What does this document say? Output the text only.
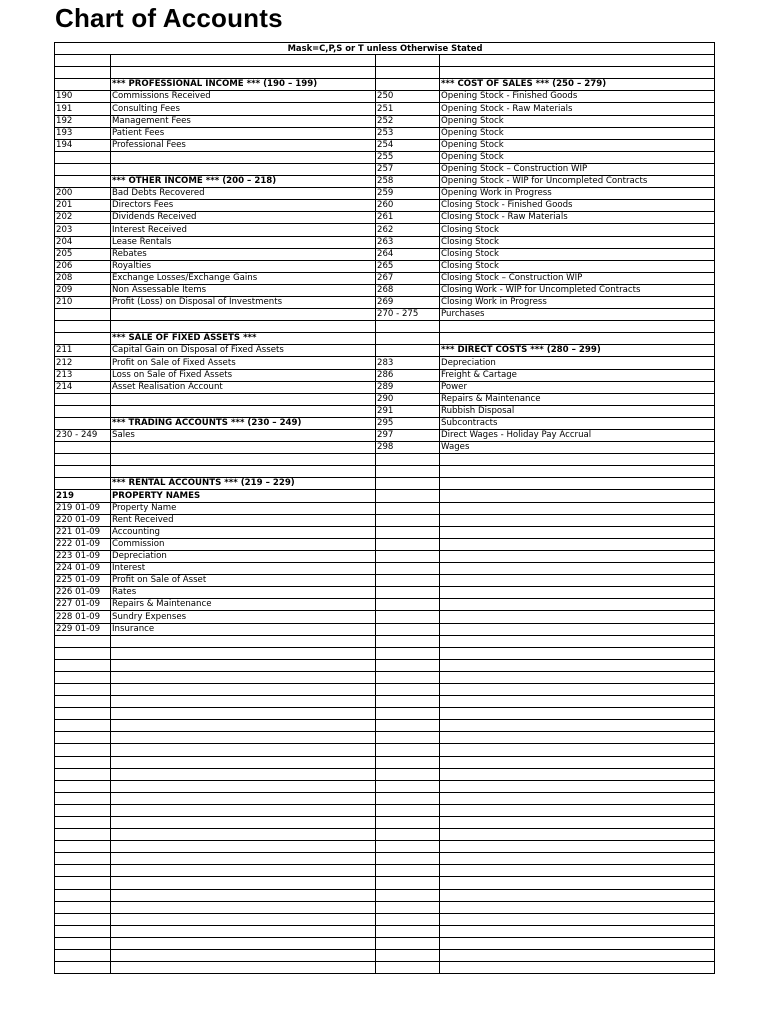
Chart of Accounts
Mask=C,P,S or T unless Otherwise Stated			

	*** PROFESSIONAL INCOME *** (190 – 199)		*** COST OF SALES *** (250 – 279)
190	Commissions Received	250	Opening Stock - Finished Goods
191	Consulting Fees	251	Opening Stock - Raw Materials
192	Management Fees	252	Opening Stock
193	Patient Fees	253	Opening Stock
194	Professional Fees	254	Opening Stock
		255	Opening Stock
		257	Opening Stock – Construction WIP
	*** OTHER INCOME *** (200 – 218)	258	Opening Stock - WIP for Uncompleted Contracts
200	Bad Debts Recovered	259	Opening Work in Progress
201	Directors Fees	260	Closing Stock - Finished Goods
202	Dividends Received	261	Closing Stock - Raw Materials
203	Interest Received	262	Closing Stock
204	Lease Rentals	263	Closing Stock
205	Rebates	264	Closing Stock
206	Royalties	265	Closing Stock
208	Exchange Losses/Exchange Gains	267	Closing Stock – Construction WIP
209	Non Assessable Items	268	Closing Work - WIP for Uncompleted Contracts
210	Profit (Loss) on Disposal of Investments	269	Closing Work in Progress
		270 - 275	Purchases

	*** SALE OF FIXED ASSETS ***		
211	Capital Gain on Disposal of Fixed Assets		*** DIRECT COSTS *** (280 – 299)
212	Profit on Sale of Fixed Assets	283	Depreciation
213	Loss on Sale of Fixed Assets	286	Freight & Cartage
214	Asset Realisation Account	289	Power
		290	Repairs & Maintenance
		291	Rubbish Disposal
	*** TRADING ACCOUNTS *** (230 – 249)	295	Subcontracts
230 - 249	Sales	297	Direct Wages - Holiday Pay Accrual
		298	Wages

	*** RENTAL ACCOUNTS *** (219 – 229)		
219	PROPERTY NAMES		
219 01-09	Property Name		
220 01-09	Rent Received		
221 01-09	Accounting		
222 01-09	Commission		
223 01-09	Depreciation		
224 01-09	Interest		
225 01-09	Profit on Sale of Asset		
226 01-09	Rates		
227 01-09	Repairs & Maintenance		
228 01-09	Sundry Expenses		
229 01-09	Insurance		
